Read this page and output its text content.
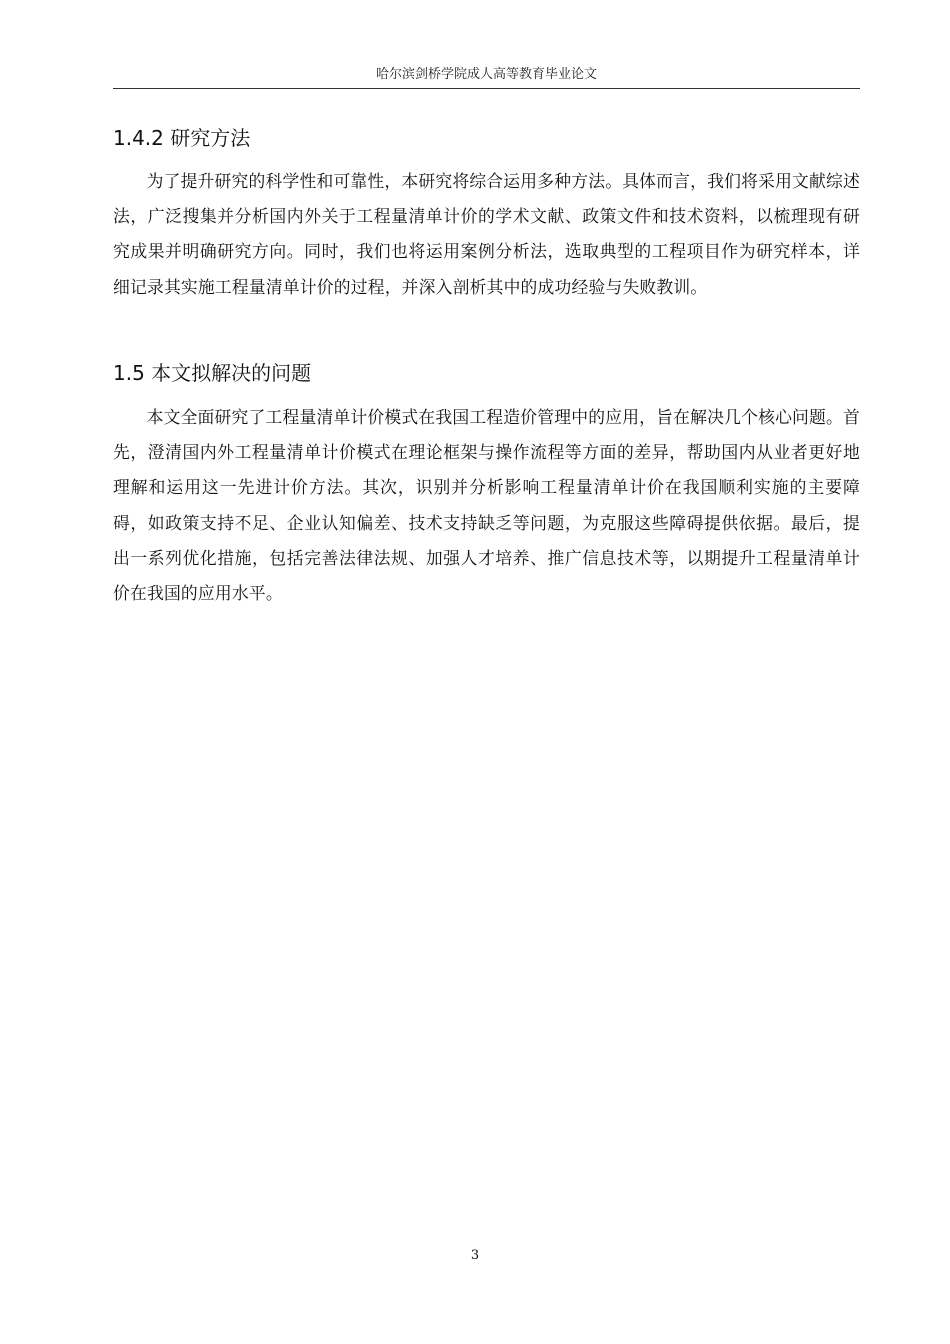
哈尔滨剑桥学院成人高等教育毕业论文
1.4.2 研究方法

为了提升研究的科学性和可靠性，本研究将综合运用多种方法。具体而言，我们将采用文献综述法，广泛搜集并分析国内外关于工程量清单计价的学术文献、政策文件和技术资料，以梳理现有研究成果并明确研究方向。同时，我们也将运用案例分析法，选取典型的工程项目作为研究样本，详细记录其实施工程量清单计价的过程，并深入剖析其中的成功经验与失败教训。

1.5 本文拟解决的问题

本文全面研究了工程量清单计价模式在我国工程造价管理中的应用，旨在解决几个核心问题。首先，澄清国内外工程量清单计价模式在理论框架与操作流程等方面的差异，帮助国内从业者更好地理解和运用这一先进计价方法。其次，识别并分析影响工程量清单计价在我国顺利实施的主要障碍，如政策支持不足、企业认知偏差、技术支持缺乏等问题，为克服这些障碍提供依据。最后，提出一系列优化措施，包括完善法律法规、加强人才培养、推广信息技术等，以期提升工程量清单计价在我国的应用水平。

3
